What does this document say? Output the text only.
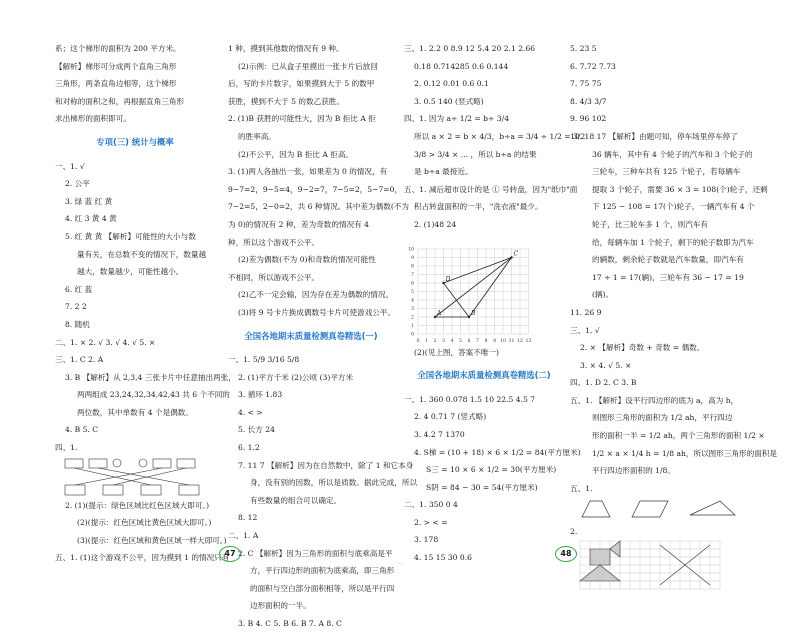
系；这个梯形的面积为 200 平方米。
【解析】梯形可分成两个直角三角形
三角形，两条直角边相等，这个梯形
和对称的面积之和，再根据直角三角形
求出梯形的面积即可。
专项(三) 统计与概率
一、1. √
2. 公平
3. 绿 蓝 红 黄
4. 红 3 黄 4 黄
5. 红 黄 黄 【解析】可能性的大小与数
量有关，在总数不变的情况下，数量越
越大，数量越少，可能性越小。
6. 红 蓝
7. 2 2
8. 随机
二、1. × 2. √ 3. √ 4. √ 5. ×
三、1. C 2. A
3. B 【解析】从 2,3,4 三张卡片中任意抽出两张，
两两组成 23,24,32,34,42,43 共 6 个不同的
两位数，其中单数有 4 个是偶数。
4. B 5. C
四、1.
2. (1)(提示：绿色区域比红色区域大即可。)
(2)(提示：红色区域比黄色区域大即可。)
(3)(提示：红色区域和黄色区域一样大即可。)
五、1. (1)这个游戏不公平，因为摸到 1 的情况只有
1 种，摸到其他数的情况有 9 种。
(2)示例：已从盒子里摸出一张卡片后放回
后，写的卡片数字，如果摸到大于 5 的数甲
获胜，摸到不大于 5 的数乙获胜。
2. (1)B 获胜的可能性大，因为 B 拒比 A 拒
的胜率高。
(2)不公平，因为 B 拒比 A 拒高。
3. (1)两人各抽出一张，如果差为 0 的情况，有
9−7=2，9−5=4，9−2=7，7−5=2，5−7=0，
7−2=5，2−0=2，共 6 种情况。其中差为偶数(不为
为 0)的情况有 2 种，差为奇数的情况有 4
种，所以这个游戏不公平。
(2)差为偶数(不为 0)和奇数的情况可能性
不相同，所以游戏不公平。
(2)乙不一定会输，因为存在差为偶数的情况。
(3)将 9 号卡片换成偶数号卡片可使游戏公平。
全国各地期末质量检测真卷精选(一)
一、1. 5/9 3/16 5/8
2. (1)平方千米 (2)公顷 (3)平方米
3. 循环 1.83
4. < >
5. 长方 24
6. 1.2
7. 11 7 【解析】因为在自然数中，除了 1 和它本身
身，没有别的因数，所以是质数。据此完成，所以
有些数量的组合可以确定。
8. 12
二、1. A
2. C 【解析】因为三角形的面积与底乘高是平
方，平行四边形的面积为底乘高，即三角形
的面积与空白部分面积相等，所以是平行四
边形面积的一半。
3. B 4. C 5. B 6. B 7. A 8. C
47
三、1. 2.2 0 8.9 12 5.4 20 2.1 2.66
0.18 0.714285 0.6 0.144
2. 0.12 0.01 0.6 0.1
3. 0.5 140 (竖式略)
四、1. 因为 a÷ 1/2 = b÷ 3/4
所以 a × 2 = b × 4/3，b÷a = 3/4 ÷ 1/2 = 3/2
3/8 > 3/4 × ... ，所以 b÷a 的结果
是 b÷a 最接近。
五、1. 减后超市设计的是 ① 号转盘，因为"纸巾"面
积占转盘面积的一半，"洗衣液"最少。
2. (1)48 24
0 1 2 3 4 5 6 7 8 9 10 11 12 13
0
1
2
3
4
5
6
7
8
9
10
A	B
C
D
(2)(见上图，答案不唯一)
全国各地期末质量检测真卷精选(二)
一、1. 360 0.078 1.5 10 22.5 4.5 7
2. 4 0.71 7 (竖式略)
3. 4.2 7 1370
4. S梯 = (10 + 18) × 6 × 1/2 = 84(平方厘米)
S三 = 10 × 6 × 1/2 = 30(平方厘米)
S阴 = 84 − 30 = 54(平方厘米)
二、1. 350 0 4
2. > < =
3. 178
4. 15 15 30 0.6
5. 23 5
6. 7.72 7.73
7. 75 75
8. 4/3 3/7
9. 96 102
10. 18 17 【解析】由题可知，停车场里停车停了
36 辆车，其中有 4 个轮子的汽车和 3 个轮子的
三轮车，三种车共有 125 个轮子，若每辆车
提取 3 个轮子，需要 36 × 3 = 108(个)轮子，还剩
下 125 − 108 = 17(个)轮子，一辆汽车有 4 个
轮子，比三轮车多 1 个，则汽车有
给，每辆车加 1 个轮子，剩下的轮子数即为汽车
的辆数，剩余轮子数就是汽车数量，即汽车有
17 ÷ 1 = 17(辆)，三轮车有 36 − 17 = 19
(辆)。
11. 26 9
三、1. √
2. × 【解析】奇数 + 奇数 = 偶数。
3. × 4. √ 5. ×
四、1. D 2. C 3. B
五、1. 【解析】设平行四边形的底为 a，高为 h，
则图形三角形的面积为 1/2 ah，平行四边
形的面积一半 = 1/2 ah，两个三角形的面积 1/2 ×
1/2 × a × 1/4 h = 1/8 ah，所以图形三角形的面积是
平行四边形面积的 1/8。
五、1.
2.
48
...
